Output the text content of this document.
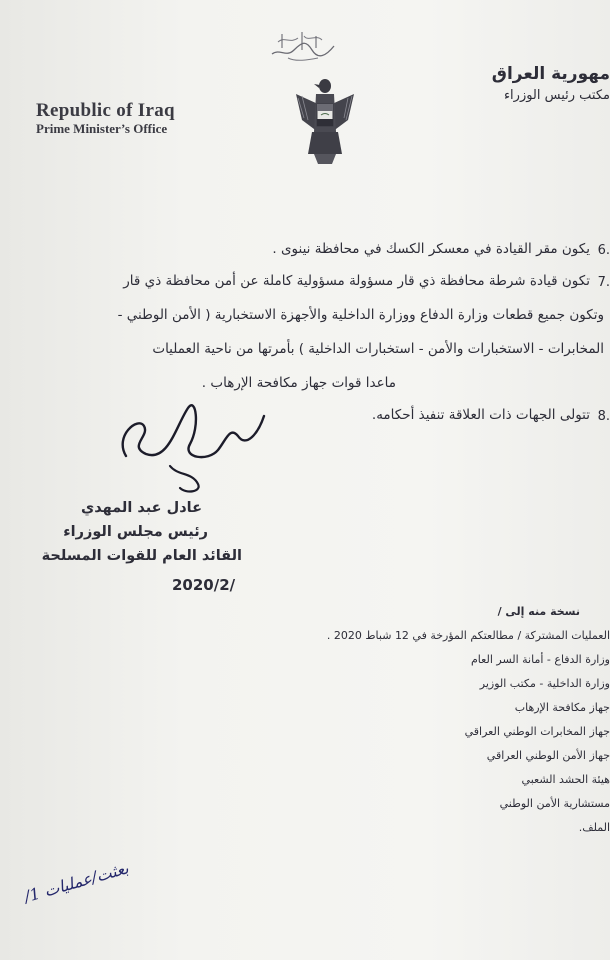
Republic of Iraq
Prime Minister’s Office
مهورية العراق
مكتب رئيس الوزراء
6.
يكون مقر القيادة في معسكر الكسك في محافظة نينوى .
7.
تكون قيادة شرطة محافظة ذي قار مسؤولة مسؤولية كاملة عن أمن محافظة ذي قار
وتكون جميع قطعات وزارة الدفاع ووزارة الداخلية والأجهزة الاستخبارية ( الأمن الوطني -
المخابرات - الاستخبارات والأمن - استخبارات الداخلية ) بأمرتها من ناحية العمليات
ماعدا قوات جهاز مكافحة الإرهاب .
8.
تتولى الجهات ذات العلاقة تنفيذ أحكامه.
عادل عبد المهدي
رئيس مجلس الوزراء
القائد العام للقوات المسلحة
2020/2/
نسخة منه إلى /
العمليات المشتركة / مطالعتكم المؤرخة في 12 شباط 2020 .
وزارة الدفاع - أمانة السر العام
وزارة الداخلية - مكتب الوزير
جهاز مكافحة الإرهاب
جهاز المخابرات الوطني العراقي
جهاز الأمن الوطني العراقي
هيئة الحشد الشعبي
مستشارية الأمن الوطني
الملف.
بعثت/عمليات 1/
